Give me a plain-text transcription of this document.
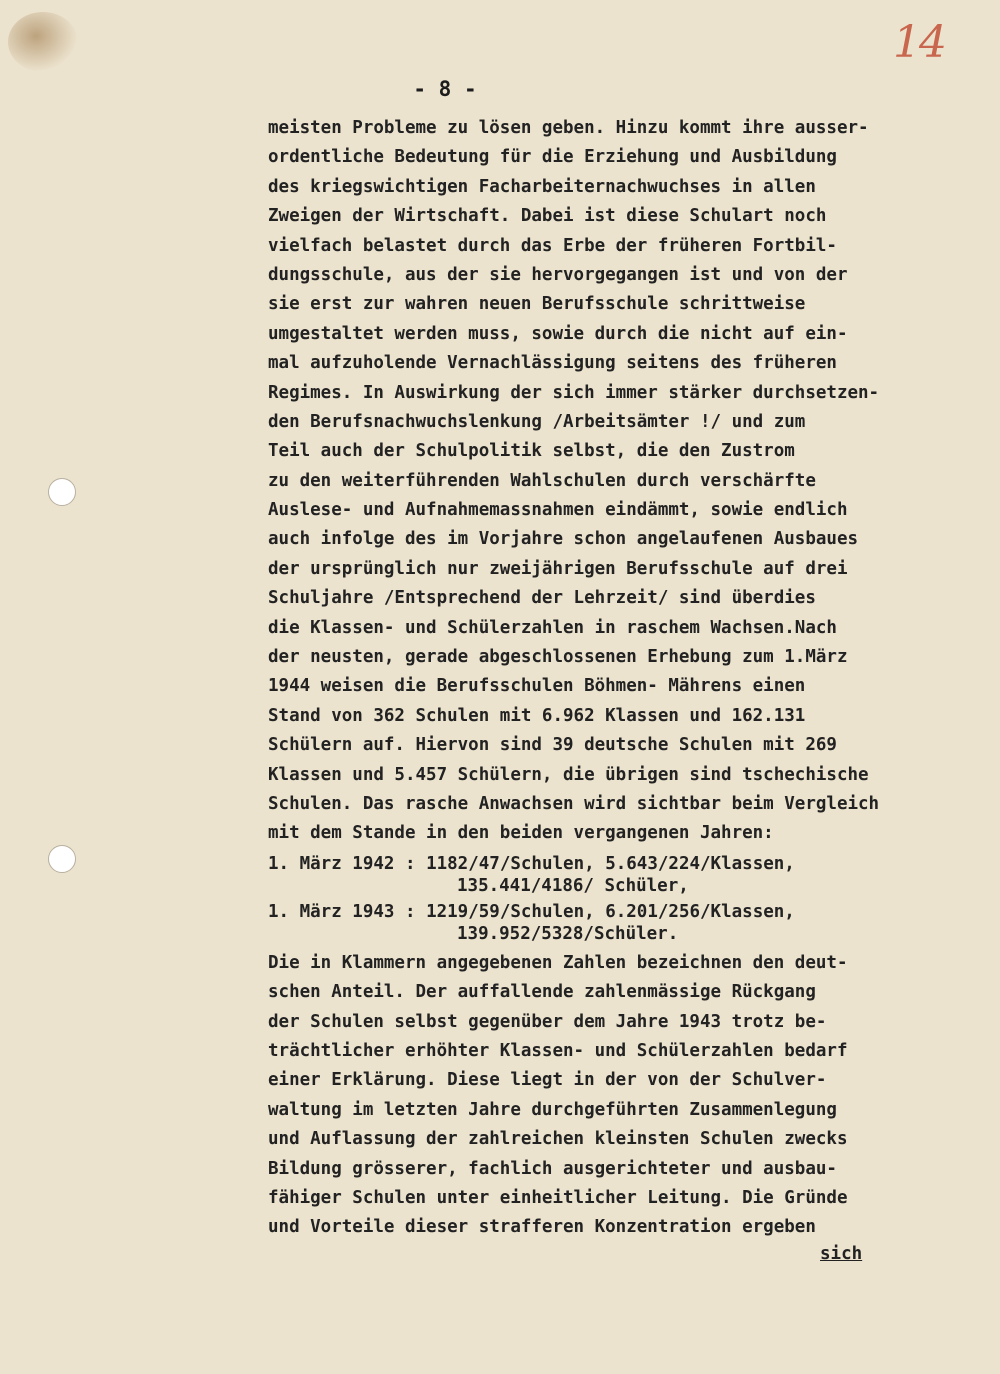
14
- 8 -
meisten Probleme zu lösen geben. Hinzu kommt ihre ausser-
ordentliche Bedeutung für die Erziehung und Ausbildung
des kriegswichtigen Facharbeiternachwuchses in allen
Zweigen der Wirtschaft. Dabei ist diese Schulart noch
vielfach belastet durch das Erbe der früheren Fortbil-
dungsschule, aus der sie hervorgegangen ist und von der
sie erst zur wahren neuen Berufsschule schrittweise
umgestaltet werden muss, sowie durch die nicht auf ein-
mal aufzuholende Vernachlässigung seitens des früheren
Regimes. In Auswirkung der sich immer stärker durchsetzen-
den Berufsnachwuchslenkung /Arbeitsämter !/ und zum
Teil auch der Schulpolitik selbst, die den Zustrom
zu den weiterführenden Wahlschulen durch verschärfte
Auslese- und Aufnahmemassnahmen eindämmt, sowie endlich
auch infolge des im Vorjahre schon angelaufenen Ausbaues
der ursprünglich nur zweijährigen Berufsschule auf drei
Schuljahre /Entsprechend der Lehrzeit/ sind überdies
die Klassen- und Schülerzahlen in raschem Wachsen.Nach
der neusten, gerade abgeschlossenen Erhebung zum 1.März
1944 weisen die Berufsschulen Böhmen- Mährens einen
Stand von 362 Schulen mit 6.962 Klassen und 162.131
Schülern auf. Hiervon sind 39 deutsche Schulen mit 269
Klassen und 5.457 Schülern, die übrigen sind tschechische
Schulen. Das rasche Anwachsen wird sichtbar beim Vergleich
mit dem Stande in den beiden vergangenen Jahren:
1. März 1942 : 1182/47/Schulen, 5.643/224/Klassen,
135.441/4186/ Schüler,
1. März 1943 : 1219/59/Schulen, 6.201/256/Klassen,
139.952/5328/Schüler.
Die in Klammern angegebenen Zahlen bezeichnen den deut-
schen Anteil. Der auffallende zahlenmässige Rückgang
der Schulen selbst gegenüber dem Jahre 1943 trotz be-
trächtlicher erhöhter Klassen- und Schülerzahlen bedarf
einer Erklärung. Diese liegt in der von der Schulver-
waltung im letzten Jahre durchgeführten Zusammenlegung
und Auflassung der zahlreichen kleinsten Schulen zwecks
Bildung grösserer, fachlich ausgerichteter und ausbau-
fähiger Schulen unter einheitlicher Leitung. Die Gründe
und Vorteile dieser strafferen Konzentration ergeben
sich
